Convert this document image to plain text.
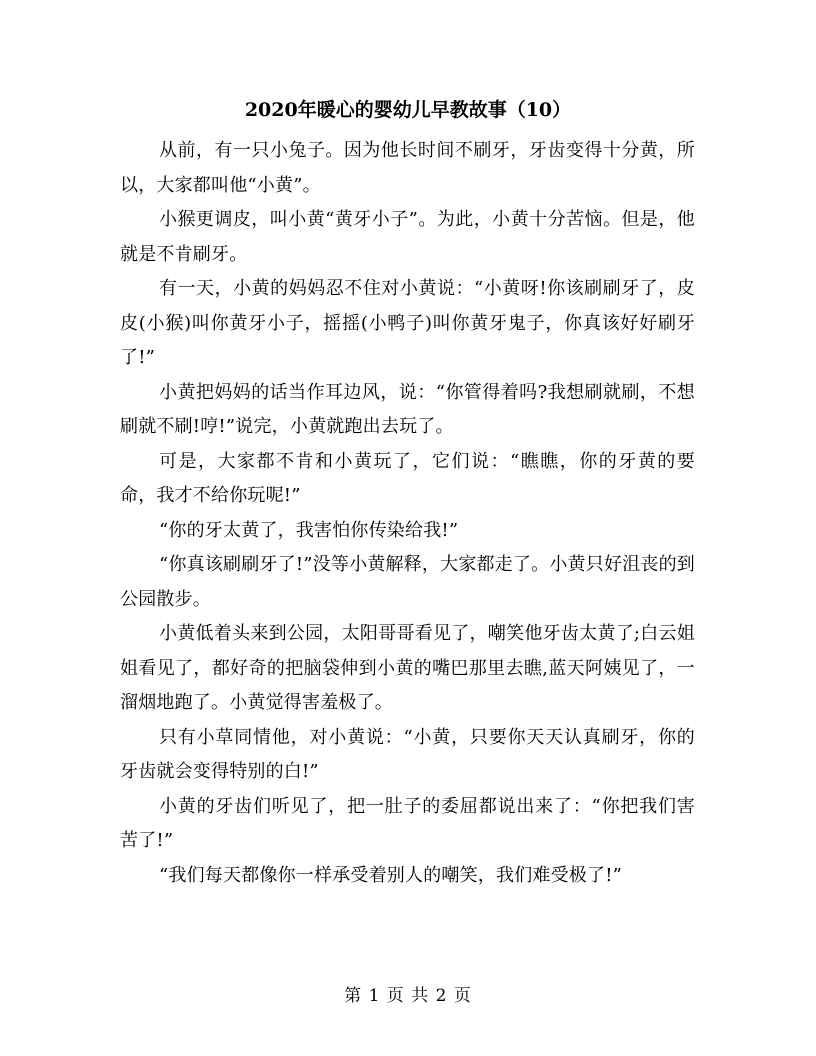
2020年暖心的婴幼儿早教故事（10）

从前，有一只小兔子。因为他长时间不刷牙，牙齿变得十分黄，所以，大家都叫他“小黄”。

小猴更调皮，叫小黄“黄牙小子”。为此，小黄十分苦恼。但是，他就是不肯刷牙。

有一天，小黄的妈妈忍不住对小黄说：“小黄呀!你该刷刷牙了，皮皮(小猴)叫你黄牙小子，摇摇(小鸭子)叫你黄牙鬼子，你真该好好刷牙了!”

小黄把妈妈的话当作耳边风，说：“你管得着吗?我想刷就刷，不想刷就不刷!哼!”说完，小黄就跑出去玩了。

可是，大家都不肯和小黄玩了，它们说：“瞧瞧，你的牙黄的要命，我才不给你玩呢!”

“你的牙太黄了，我害怕你传染给我!”

“你真该刷刷牙了!”没等小黄解释，大家都走了。小黄只好沮丧的到公园散步。

小黄低着头来到公园，太阳哥哥看见了，嘲笑他牙齿太黄了;白云姐姐看见了，都好奇的把脑袋伸到小黄的嘴巴那里去瞧,蓝天阿姨见了，一溜烟地跑了。小黄觉得害羞极了。

只有小草同情他，对小黄说：“小黄，只要你天天认真刷牙，你的牙齿就会变得特别的白!”

小黄的牙齿们听见了，把一肚子的委屈都说出来了：“你把我们害苦了!”

“我们每天都像你一样承受着别人的嘲笑，我们难受极了!”

第 1 页 共 2 页
